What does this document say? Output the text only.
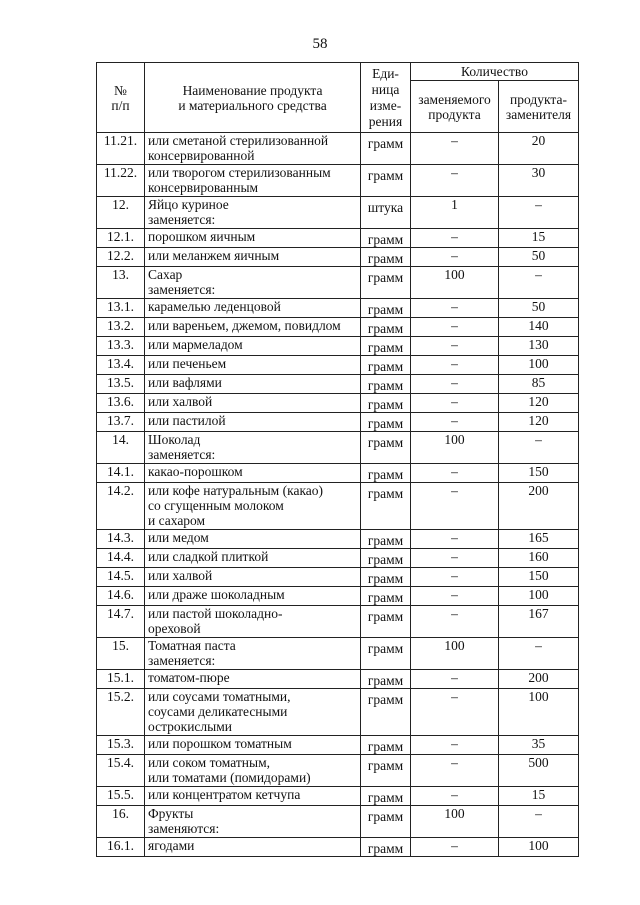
58
№
п/п	Наименование продукта
и материального средства	Еди-
ница
изме-
рения	Количество	
			заменяемого
продукта	продукта-
заменителя
11.21.	или сметаной стерилизованной
консервированной	грамм	–	20
11.22.	или творогом стерилизованным
консервированным	грамм	–	30
12.	Яйцо куриное
заменяется:	штука	1	–
12.1.	порошком яичным	грамм	–	15
12.2.	или меланжем яичным	грамм	–	50
13.	Сахар
заменяется:	грамм	100	–
13.1.	карамелью леденцовой	грамм	–	50
13.2.	или вареньем, джемом, повидлом	грамм	–	140
13.3.	или мармеладом	грамм	–	130
13.4.	или печеньем	грамм	–	100
13.5.	или вафлями	грамм	–	85
13.6.	или халвой	грамм	–	120
13.7.	или пастилой	грамм	–	120
14.	Шоколад
заменяется:	грамм	100	–
14.1.	какао-порошком	грамм	–	150
14.2.	или кофе натуральным (какао)
со сгущенным молоком
и сахаром	грамм	–	200
14.3.	или медом	грамм	–	165
14.4.	или сладкой плиткой	грамм	–	160
14.5.	или халвой	грамм	–	150
14.6.	или драже шоколадным	грамм	–	100
14.7.	или пастой шоколадно-
ореховой	грамм	–	167
15.	Томатная паста
заменяется:	грамм	100	–
15.1.	томатом-пюре	грамм	–	200
15.2.	или соусами томатными,
соусами деликатесными
острокислыми	грамм	–	100
15.3.	или порошком томатным	грамм	–	35
15.4.	или соком томатным,
или томатами (помидорами)	грамм	–	500
15.5.	или концентратом кетчупа	грамм	–	15
16.	Фрукты
заменяются:	грамм	100	–
16.1.	ягодами	грамм	–	100
